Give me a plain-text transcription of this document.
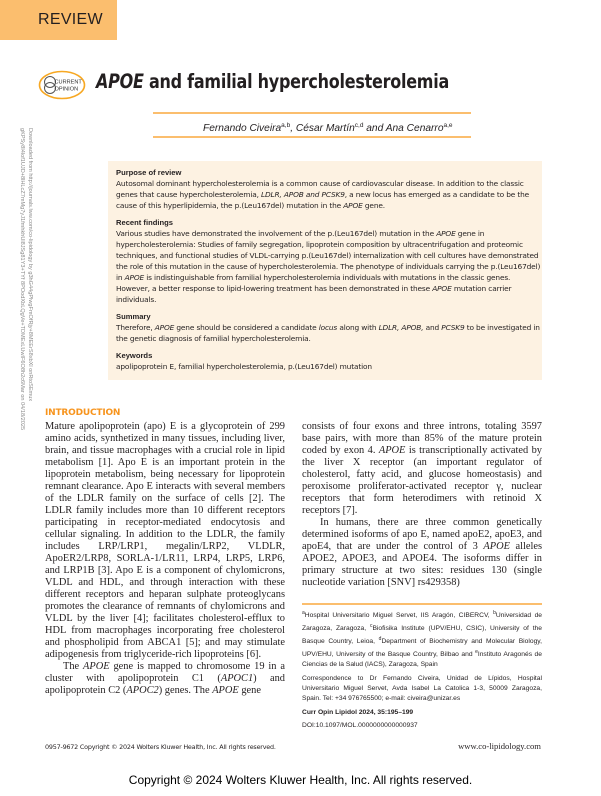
REVIEW
CURRENT
OPINION APOE and familial hypercholesterolemia
Fernando Civeira$^{a,b}$, César Martín$^{c,d}$ and Ana Cenarro$^{a,e}$
Downloaded from http://journals.lww.com/co-lipidology by g3hG44gPlwgFmOfRjy+8MEErS8xbXl onRtoSEmux
gKPSy8I4lof1UJD+8lHLcZ7mMg7yJ1fmhkhUl8JSg81Y3+TYf 8POodXbLQgVe+TDMExLUwIF6O8h2c6Mar on 04/18/2025	Purpose of review

Autosomal dominant hypercholesterolemia is a common cause of cardiovascular disease. In addition to the classic genes that cause hypercholesterolemia, LDLR, APOB and PCSK9, a new locus has emerged as a candidate to be the cause of this hyperlipidemia, the p.(Leu167del) mutation in the APOE gene.

Recent findings

Various studies have demonstrated the involvement of the p.(Leu167del) mutation in the APOE gene in hypercholesterolemia: Studies of family segregation, lipoprotein composition by ultracentrifugation and proteomic techniques, and functional studies of VLDL-carrying p.(Leu167del) internalization with cell cultures have demonstrated the role of this mutation in the cause of hypercholesterolemia. The phenotype of individuals carrying the p.(Leu167del) in APOE is indistinguishable from familial hypercholesterolemia individuals with mutations in the classic genes. However, a better response to lipid-lowering treatment has been demonstrated in these APOE mutation carrier individuals.

Summary

Therefore, APOE gene should be considered a candidate locus along with LDLR, APOB, and PCSK9 to be investigated in the genetic diagnosis of familial hypercholesterolemia.

Keywords

apolipoprotein E, familial hypercholesterolemia, p.(Leu167del) mutation

INTRODUCTION

Mature apolipoprotein (apo) E is a glycoprotein of 299 amino acids, synthetized in many tissues, including liver, brain, and tissue macrophages with a crucial role in lipid metabolism [1]. Apo E is an important protein in the lipoprotein metabolism, being necessary for lipoprotein remnant clearance. Apo E interacts with several members of the LDLR family on the surface of cells [2]. The LDLR family includes more than 10 different receptors participating in receptor-mediated endocytosis and cellular signaling. In addition to the LDLR, the family includes LRP/LRP1, megalin/LRP2, VLDLR, ApoER2/LRP8, SORLA-1/LR11, LRP4, LRP5, LRP6, and LRP1B [3]. Apo E is a component of chylomicrons, VLDL and HDL, and through interaction with these different receptors and heparan sulphate proteoglycans promotes the clearance of remnants of chylomicrons and VLDL by the liver [4]; facilitates cholesterol-efflux to HDL from macrophages incorporating free cholesterol and phospholipid from ABCA1 [5]; and may stimulate adipogenesis from triglyceride-rich lipoproteins [6].

The APOE gene is mapped to chromosome 19 in a cluster with apolipoprotein C1 (APOC1) and apolipoprotein C2 (APOC2) genes. The APOE gene

consists of four exons and three introns, totaling 3597 base pairs, with more than 85% of the mature protein coded by exon 4. APOE is transcriptionally activated by the liver X receptor (an important regulator of cholesterol, fatty acid, and glucose homeostasis) and peroxisome proliferator-activated receptor γ, nuclear receptors that form heterodimers with retinoid X receptors [7].

In humans, there are three common genetically determined isoforms of apo E, named apoE2, apoE3, and apoE4, that are under the control of 3 APOE alleles APOE2, APOE3, and APOE4. The isoforms differ in primary structure at two sites: residues 130 (single nucleotide variation [SNV] rs429358)

$^a$Hospital Universitario Miguel Servet, IIS Aragón, CIBERCV, $^b$Universidad de Zaragoza, Zaragoza, $^c$Biofisika Institute (UPV/EHU, CSIC), University of the Basque Country, Leioa, $^d$Department of Biochemistry and Molecular Biology, UPV/EHU, University of the Basque Country, Bilbao and $^e$Instituto Aragonés de Ciencias de la Salud (IACS), Zaragoza, Spain

Correspondence to Dr Fernando Civeira, Unidad de Lípidos, Hospital Universitario Miguel Servet, Avda Isabel La Catolica 1-3, 50009 Zaragoza, Spain. Tel: +34 976765500; e-mail: civeira@unizar.es

Curr Opin Lipidol 2024, 35:195–199

DOI:10.1097/MOL.0000000000000937

0957-9672 Copyright © 2024 Wolters Kluwer Health, Inc. All rights reserved.	www.co-lipidology.com
Copyright © 2024 Wolters Kluwer Health, Inc. All rights reserved.
